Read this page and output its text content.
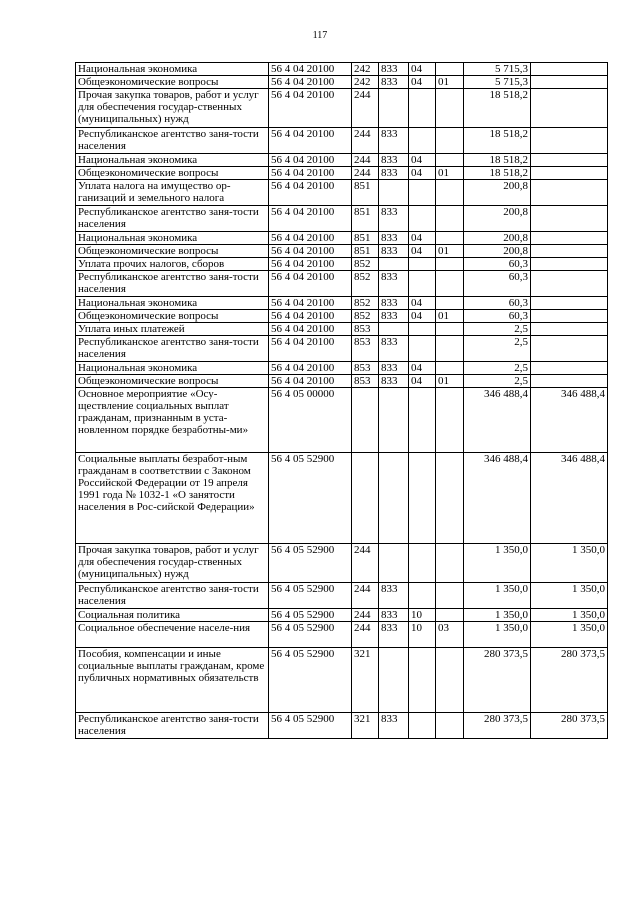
117
Национальная экономика	56 4 04 20100	242	833	04		5 715,3	
Общеэкономические вопросы	56 4 04 20100	242	833	04	01	5 715,3	
Прочая закупка товаров, работ и услуг для обеспечения государ-ственных (муниципальных) нужд	56 4 04 20100	244				18 518,2	
Республиканское агентство заня-тости населения	56 4 04 20100	244	833			18 518,2	
Национальная экономика	56 4 04 20100	244	833	04		18 518,2	
Общеэкономические вопросы	56 4 04 20100	244	833	04	01	18 518,2	
Уплата налога на имущество ор-ганизаций и земельного налога	56 4 04 20100	851				200,8	
Республиканское агентство заня-тости населения	56 4 04 20100	851	833			200,8	
Национальная экономика	56 4 04 20100	851	833	04		200,8	
Общеэкономические вопросы	56 4 04 20100	851	833	04	01	200,8	
Уплата прочих налогов, сборов	56 4 04 20100	852				60,3	
Республиканское агентство заня-тости населения	56 4 04 20100	852	833			60,3	
Национальная экономика	56 4 04 20100	852	833	04		60,3	
Общеэкономические вопросы	56 4 04 20100	852	833	04	01	60,3	
Уплата иных платежей	56 4 04 20100	853				2,5	
Республиканское агентство заня-тости населения	56 4 04 20100	853	833			2,5	
Национальная экономика	56 4 04 20100	853	833	04		2,5	
Общеэкономические вопросы	56 4 04 20100	853	833	04	01	2,5	
Основное мероприятие «Осу-ществление социальных выплат гражданам, признанным в уста-новленном порядке безработны-ми»	56 4 05 00000					346 488,4	346 488,4
Социальные выплаты безработ-ным гражданам в соответствии с Законом Российской Федерации от 19 апреля 1991 года № 1032-1 «О занятости населения в Рос-сийской Федерации»	56 4 05 52900					346 488,4	346 488,4
Прочая закупка товаров, работ и услуг для обеспечения государ-ственных (муниципальных) нужд	56 4 05 52900	244				1 350,0	1 350,0
Республиканское агентство заня-тости населения	56 4 05 52900	244	833			1 350,0	1 350,0
Социальная политика	56 4 05 52900	244	833	10		1 350,0	1 350,0
Социальное обеспечение населе-ния	56 4 05 52900	244	833	10	03	1 350,0	1 350,0
Пособия, компенсации и иные социальные выплаты гражданам, кроме публичных нормативных обязательств	56 4 05 52900	321				280 373,5	280 373,5
Республиканское агентство заня-тости населения	56 4 05 52900	321	833			280 373,5	280 373,5
